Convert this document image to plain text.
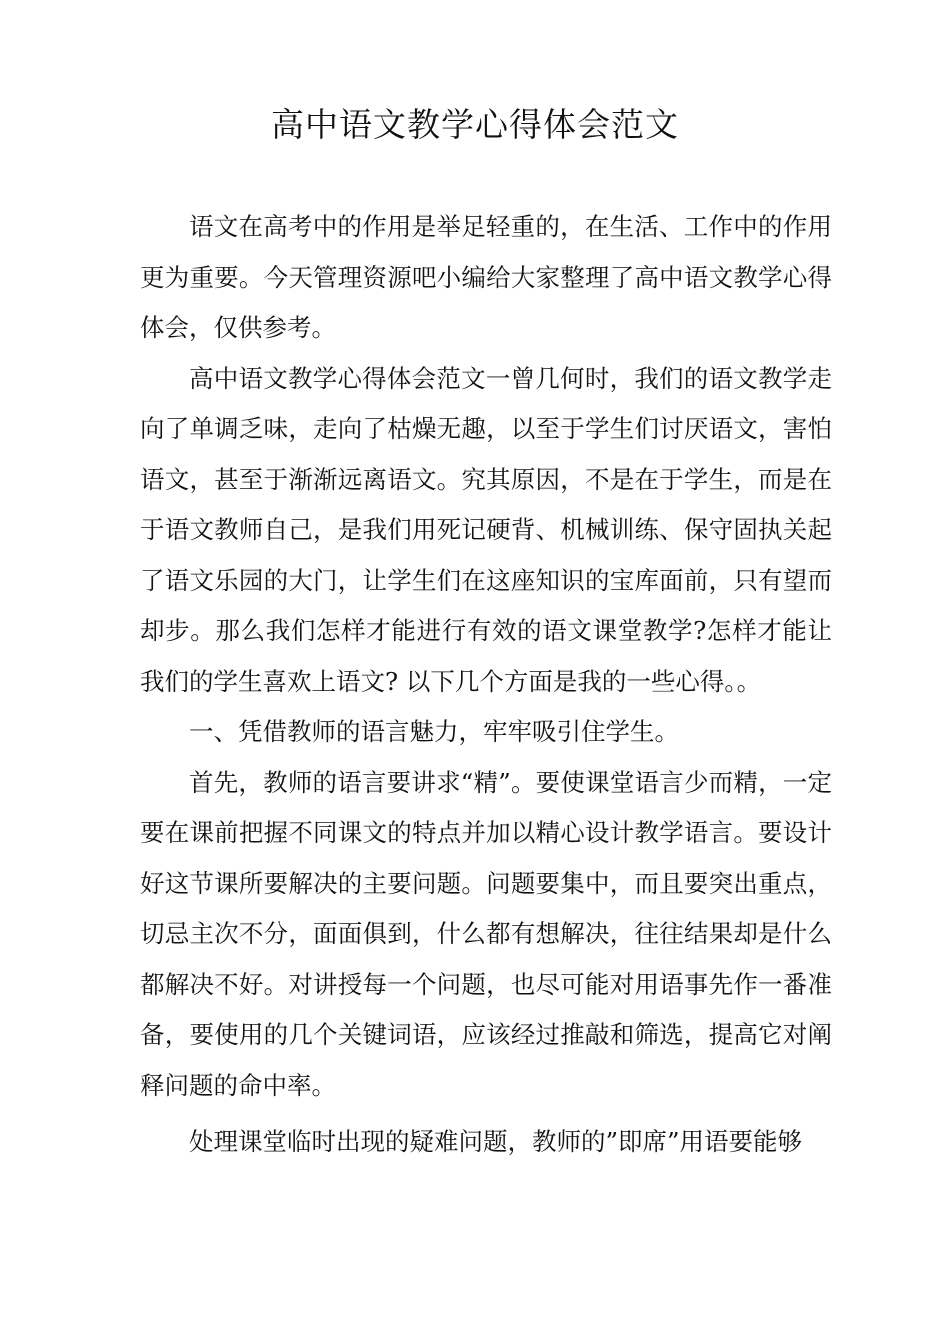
高中语文教学心得体会范文

语文在高考中的作用是举足轻重的，在生活、工作中的作用更为重要。今天管理资源吧小编给大家整理了高中语文教学心得体会，仅供参考。

高中语文教学心得体会范文一曾几何时，我们的语文教学走向了单调乏味，走向了枯燥无趣，以至于学生们讨厌语文，害怕语文，甚至于渐渐远离语文。究其原因，不是在于学生，而是在于语文教师自己，是我们用死记硬背、机械训练、保守固执关起了语文乐园的大门，让学生们在这座知识的宝库面前，只有望而却步。那么我们怎样才能进行有效的语文课堂教学?怎样才能让我们的学生喜欢上语文? 以下几个方面是我的一些心得。。

一、凭借教师的语言魅力，牢牢吸引住学生。

首先，教师的语言要讲求“精”。要使课堂语言少而精，一定要在课前把握不同课文的特点并加以精心设计教学语言。要设计好这节课所要解决的主要问题。问题要集中，而且要突出重点，切忌主次不分，面面俱到，什么都有想解决，往往结果却是什么都解决不好。对讲授每一个问题，也尽可能对用语事先作一番准备，要使用的几个关键词语，应该经过推敲和筛选，提高它对阐释问题的命中率。

处理课堂临时出现的疑难问题，教师的”即席”用语要能够
